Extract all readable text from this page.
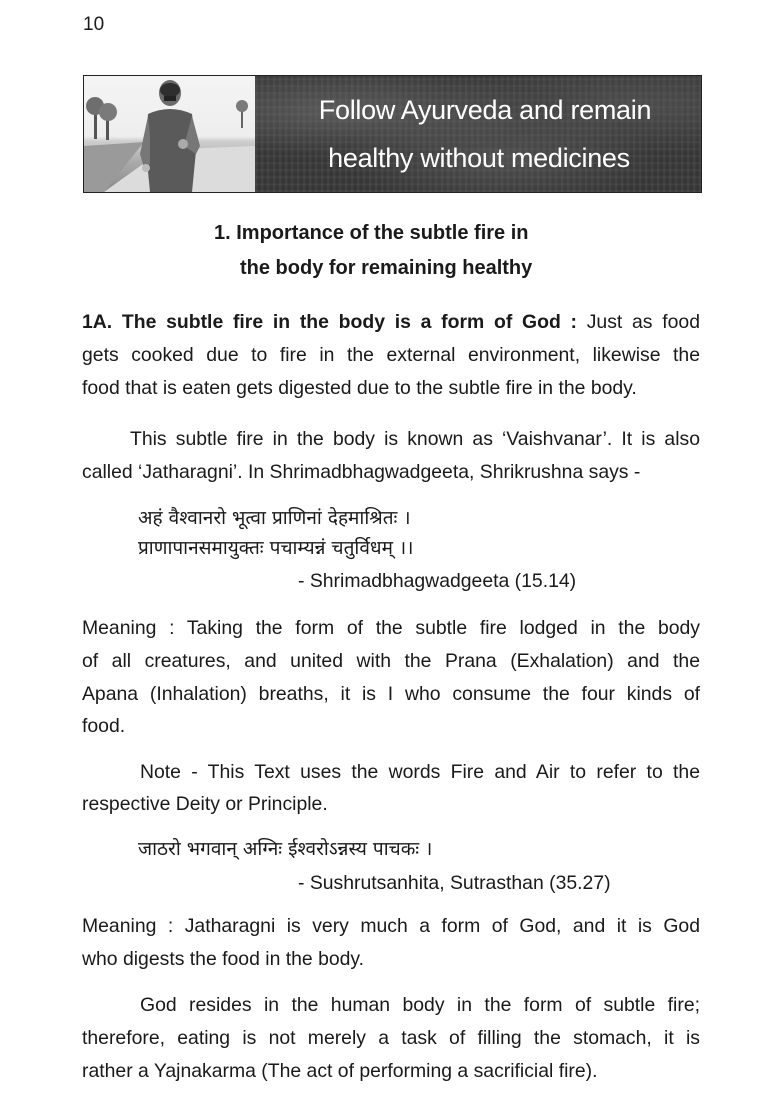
10
Follow Ayurveda and remain
healthy without medicines
1. Importance of the subtle fire in
the body for remaining healthy
1A. The subtle fire in the body is a form of God : Just as food
gets cooked due to fire in the external environment, likewise the
food that is eaten gets digested due to the subtle fire in the body.
This subtle fire in the body is known as ‘Vaishvanar’. It is also
called ‘Jatharagni’. In Shrimadbhagwadgeeta, Shrikrushna says -
अहं वैश्वानरो भूत्वा प्राणिनां देहमाश्रितः ।
प्राणापानसमायुक्तः पचाम्यन्नं चतुर्विधम् ।।
- Shrimadbhagwadgeeta (15.14)
Meaning : Taking the form of the subtle fire lodged in the body
of all creatures, and united with the Prana (Exhalation) and the
Apana (Inhalation) breaths, it is I who consume the four kinds of
food.
Note - This Text uses the words Fire and Air to refer to the
respective Deity or Principle.
जाठरो भगवान् अग्निः ईश्वरोऽन्नस्य पाचकः ।
- Sushrutsanhita, Sutrasthan (35.27)
Meaning : Jatharagni is very much a form of God, and it is God
who digests the food in the body.
God resides in the human body in the form of subtle fire;
therefore, eating is not merely a task of filling the stomach, it is
rather a Yajnakarma (The act of performing a sacrificial fire).
